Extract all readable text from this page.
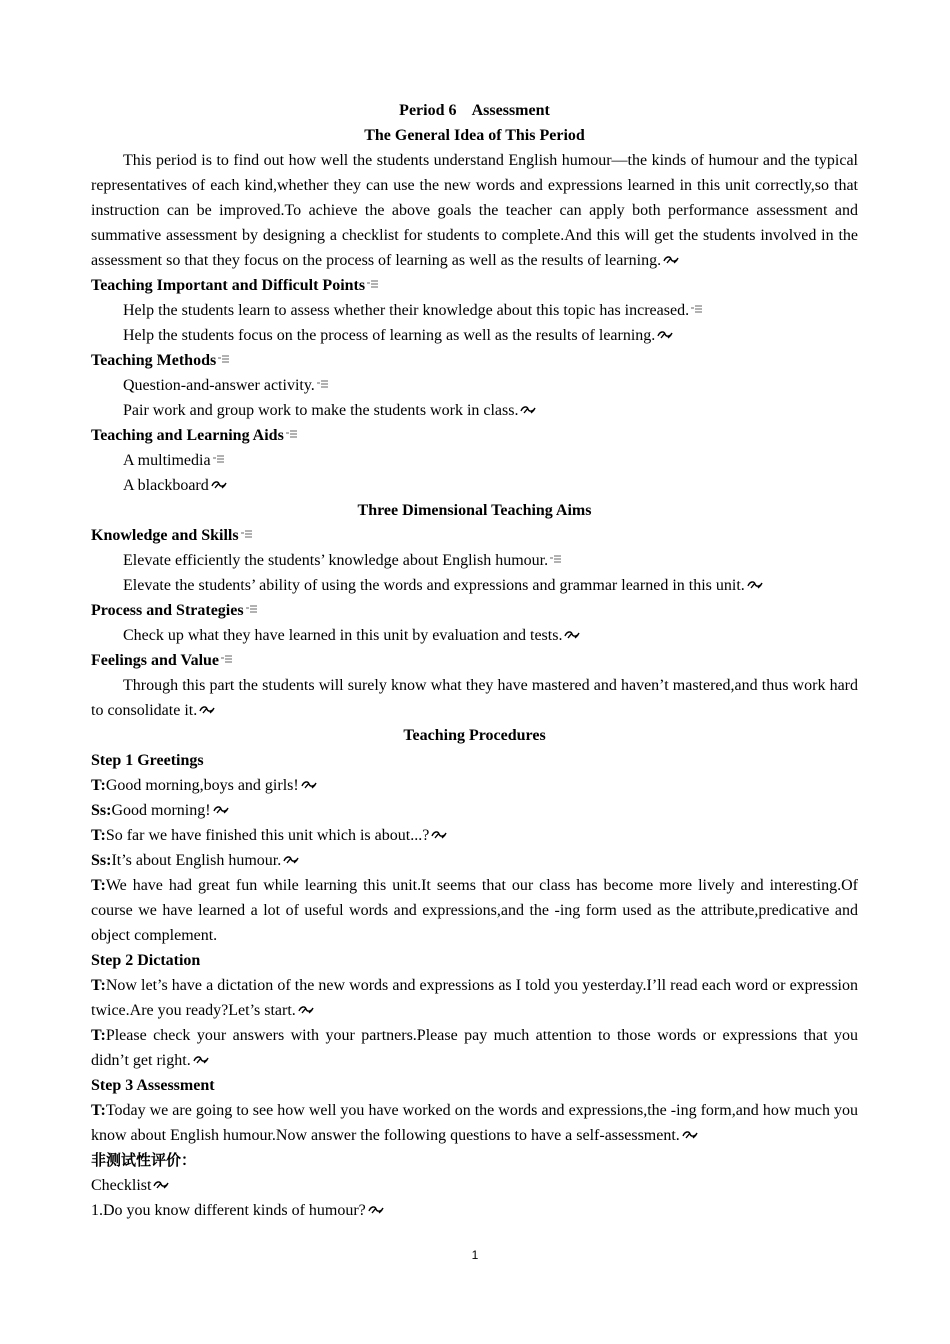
Period 6    Assessment
The General Idea of This Period
This period is to find out how well the students understand English humour—the kinds of humour and the typical representatives of each kind,whether they can use the new words and expressions learned in this unit correctly,so that instruction can be improved.To achieve the above goals the teacher can apply both performance assessment and summative assessment by designing a checklist for students to complete.And this will get the students involved in the assessment so that they focus on the process of learning as well as the results of learning.
Teaching Important and Difficult Points
Help the students learn to assess whether their knowledge about this topic has increased.
Help the students focus on the process of learning as well as the results of learning.
Teaching Methods
Question-and-answer activity.
Pair work and group work to make the students work in class.
Teaching and Learning Aids
A multimedia
A blackboard
Three Dimensional Teaching Aims
Knowledge and Skills
Elevate efficiently the students’ knowledge about English humour.
Elevate the students’ ability of using the words and expressions and grammar learned in this unit.
Process and Strategies
Check up what they have learned in this unit by evaluation and tests.
Feelings and Value
Through this part the students will surely know what they have mastered and haven’t mastered,and thus work hard to consolidate it.
Teaching Procedures
Step 1 Greetings
T:Good morning,boys and girls!
Ss:Good morning!
T:So far we have finished this unit which is about...?
Ss:It’s about English humour.
T:We have had great fun while learning this unit.It seems that our class has become more lively and interesting.Of course we have learned a lot of useful words and expressions,and the -ing form used as the attribute,predicative and object complement.
Step 2 Dictation
T:Now let’s have a dictation of the new words and expressions as I told you yesterday.I’ll read each word or expression twice.Are you ready?Let’s start.
T:Please check your answers with your partners.Please pay much attention to those words or expressions that you didn’t get right.
Step 3 Assessment
T:Today we are going to see how well you have worked on the words and expressions,the -ing form,and how much you know about English humour.Now answer the following questions to have a self-assessment.
非测试性评价：
Checklist
1.Do you know different kinds of humour?
1
